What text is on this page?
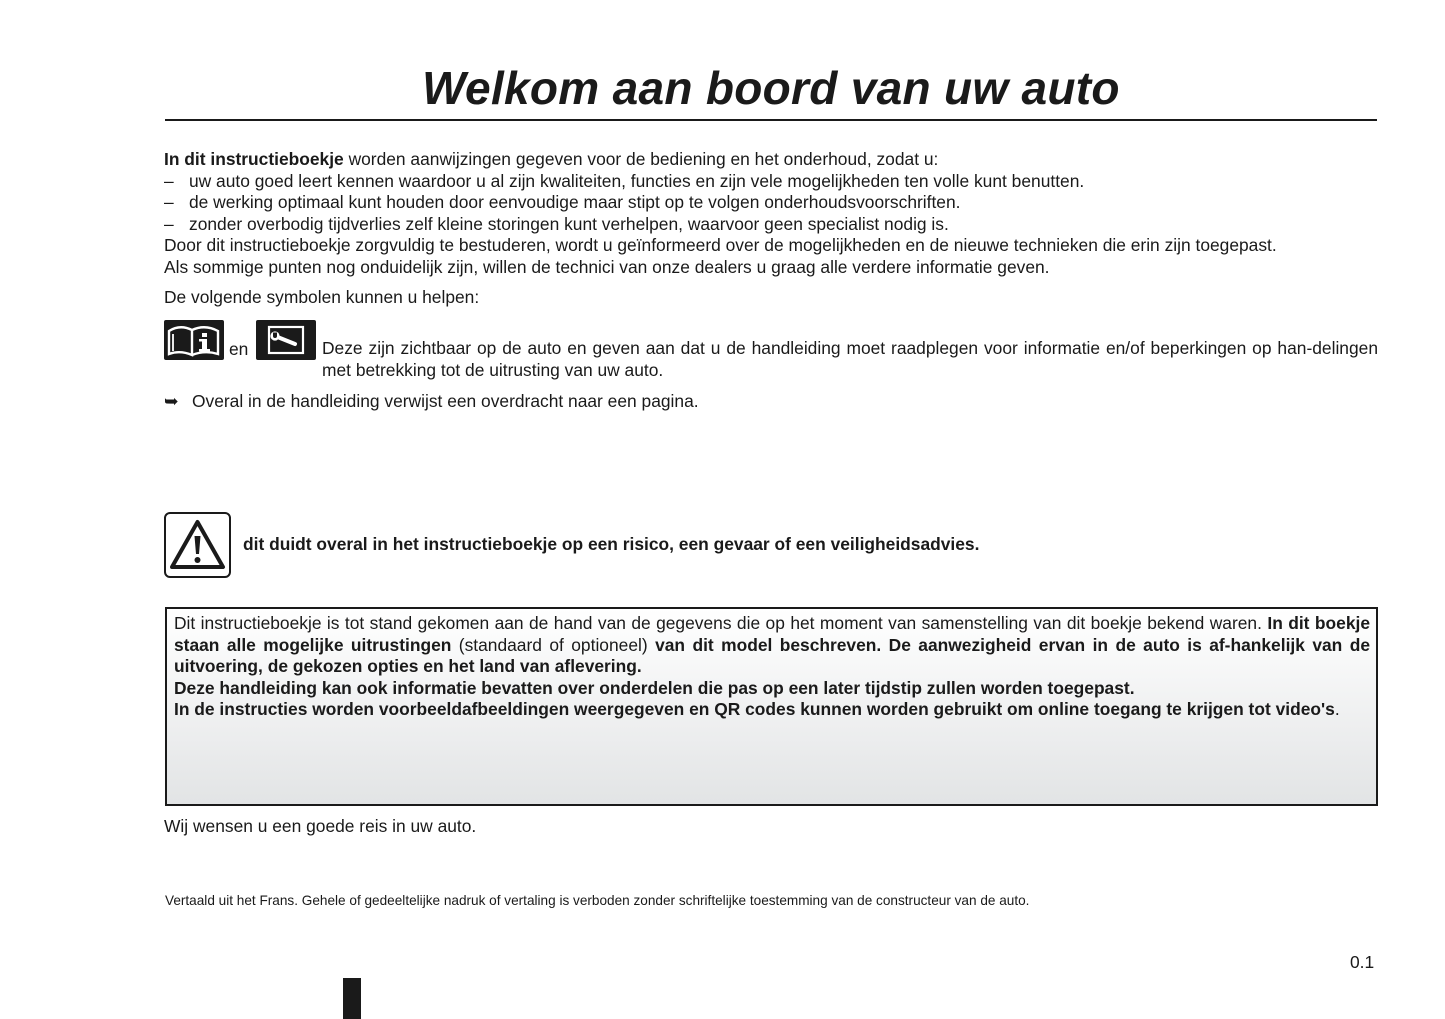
Welkom aan boord van uw auto

In dit instructieboekje worden aanwijzingen gegeven voor de bediening en het onderhoud, zodat u:

– uw auto goed leert kennen waardoor u al zijn kwaliteiten, functies en zijn vele mogelijkheden ten volle kunt benutten.

– de werking optimaal kunt houden door eenvoudige maar stipt op te volgen onderhoudsvoorschriften.

– zonder overbodig tijdverlies zelf kleine storingen kunt verhelpen, waarvoor geen specialist nodig is.

Door dit instructieboekje zorgvuldig te bestuderen, wordt u geïnformeerd over de mogelijkheden en de nieuwe technieken die erin zijn toegepast.

Als sommige punten nog onduidelijk zijn, willen de technici van onze dealers u graag alle verdere informatie geven.

De volgende symbolen kunnen u helpen:

en	Deze zijn zichtbaar op de auto en geven aan dat u de handleiding moet raadplegen voor informatie en/of beperkingen op han-delingen met betrekking tot de uitrusting van uw auto.
➥ Overal in de handleiding verwijst een overdracht naar een pagina.
dit duidt overal in het instructieboekje op een risico, een gevaar of een veiligheidsadvies.

Dit instructieboekje is tot stand gekomen aan de hand van de gegevens die op het moment van samenstelling van dit boekje bekend waren. In dit boekje staan alle mogelijke uitrustingen (standaard of optioneel) van dit model beschreven. De aanwezigheid ervan in de auto is af-hankelijk van de uitvoering, de gekozen opties en het land van aflevering.

Deze handleiding kan ook informatie bevatten over onderdelen die pas op een later tijdstip zullen worden toegepast.

In de instructies worden voorbeeldafbeeldingen weergegeven en QR codes kunnen worden gebruikt om online toegang te krijgen tot video's.

Wij wensen u een goede reis in uw auto.

Vertaald uit het Frans. Gehele of gedeeltelijke nadruk of vertaling is verboden zonder schriftelijke toestemming van de constructeur van de auto.

0.1
